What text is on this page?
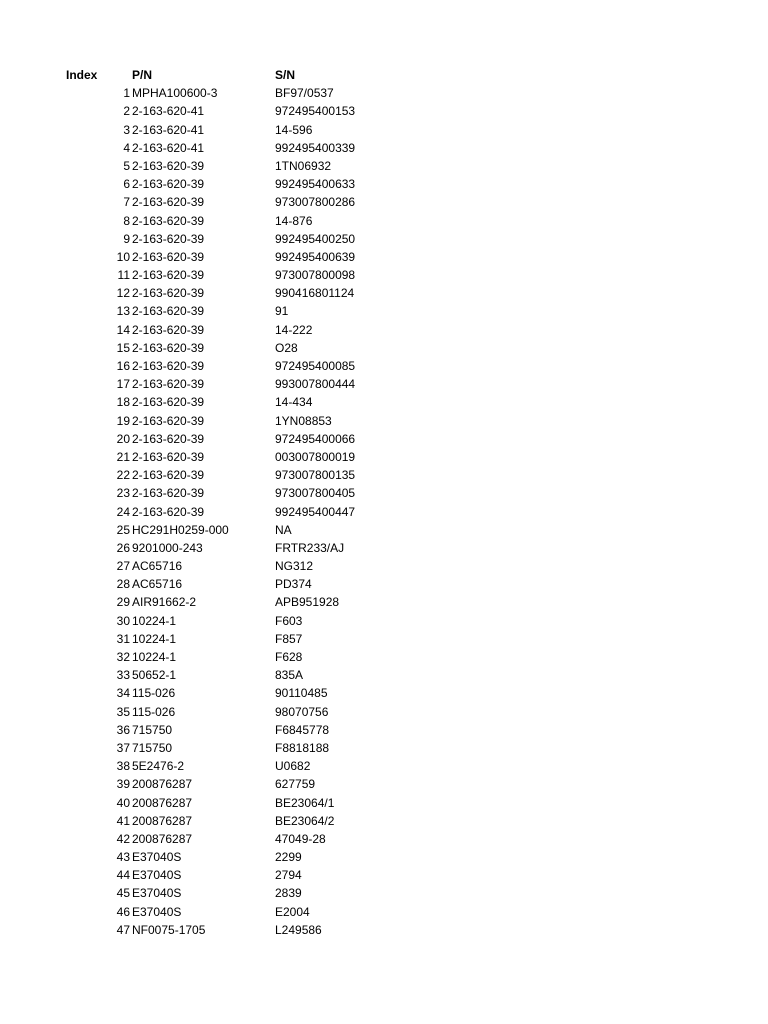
Index	P/N	S/N
1 MPHA100600-3	BF97/0537
2 2-163-620-41	972495400153
3 2-163-620-41	14-596
4 2-163-620-41	992495400339
5 2-163-620-39	1TN06932
6 2-163-620-39	992495400633
7 2-163-620-39	973007800286
8 2-163-620-39	14-876
9 2-163-620-39	992495400250
10 2-163-620-39	992495400639
11 2-163-620-39	973007800098
12 2-163-620-39	990416801124
13 2-163-620-39	91
14 2-163-620-39	14-222
15 2-163-620-39	O28
16 2-163-620-39	972495400085
17 2-163-620-39	993007800444
18 2-163-620-39	14-434
19 2-163-620-39	1YN08853
20 2-163-620-39	972495400066
21 2-163-620-39	003007800019
22 2-163-620-39	973007800135
23 2-163-620-39	973007800405
24 2-163-620-39	992495400447
25 HC291H0259-000	NA
26 9201000-243	FRTR233/AJ
27 AC65716	NG312
28 AC65716	PD374
29 AIR91662-2	APB951928
30 10224-1	F603
31 10224-1	F857
32 10224-1	F628
33 50652-1	835A
34 115-026	90110485
35 115-026	98070756
36 715750	F6845778
37 715750	F8818188
38 5E2476-2	U0682
39 200876287	627759
40 200876287	BE23064/1
41 200876287	BE23064/2
42 200876287	47049-28
43 E37040S	2299
44 E37040S	2794
45 E37040S	2839
46 E37040S	E2004
47 NF0075-1705	L249586
